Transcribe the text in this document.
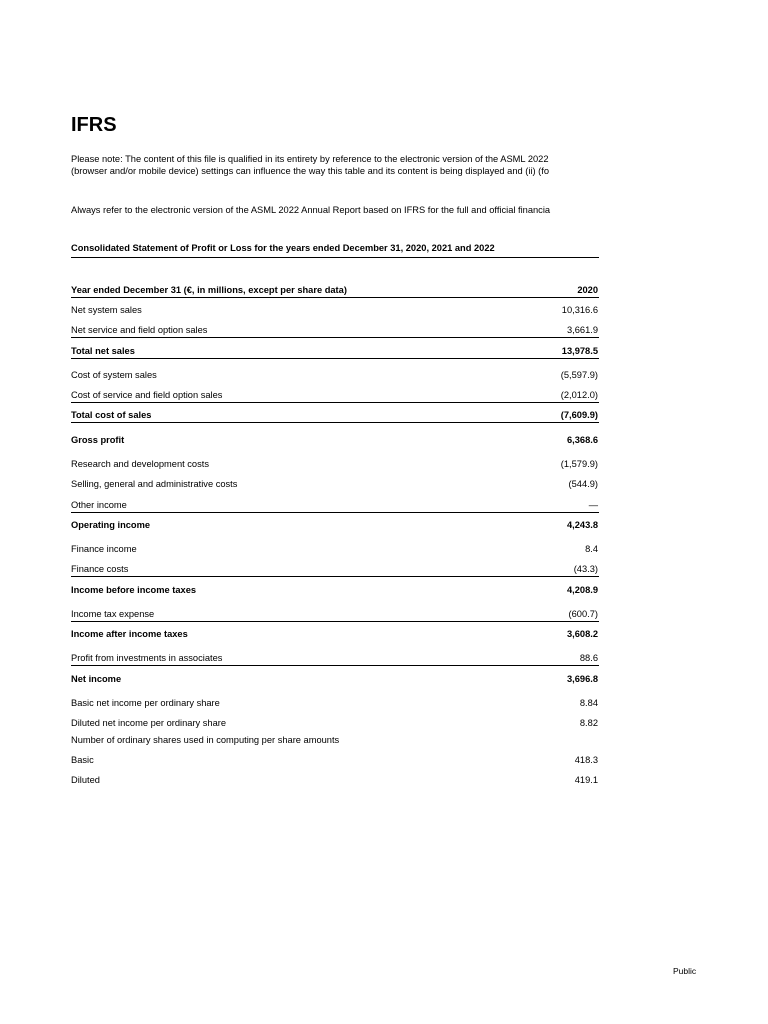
IFRS
Please note: The content of this file is qualified in its entirety by reference to the electronic version of the ASML 2022
(browser and/or mobile device) settings can influence the way this table and its content is being displayed and (ii) (fo
Always refer to the electronic version of the ASML 2022 Annual Report based on IFRS for the full and official financia
Consolidated Statement of Profit or Loss for the years ended December 31, 2020, 2021 and 2022
Year ended December 31 (€, in millions, except per share data)	2020
Net system sales	10,316.6
Net service and field option sales	3,661.9
Total net sales	13,978.5
Cost of system sales	(5,597.9)
Cost of service and field option sales	(2,012.0)
Total cost of sales	(7,609.9)
Gross profit	6,368.6
Research and development costs	(1,579.9)
Selling, general and administrative costs	(544.9)
Other income	—
Operating income	4,243.8
Finance income	8.4
Finance costs	(43.3)
Income before income taxes	4,208.9
Income tax expense	(600.7)
Income after income taxes	3,608.2
Profit from investments in associates	88.6
Net income	3,696.8
Basic net income per ordinary share	8.84
Diluted net income per ordinary share	8.82
Number of ordinary shares used in computing per share amounts
Basic	418.3
Diluted	419.1
Public
